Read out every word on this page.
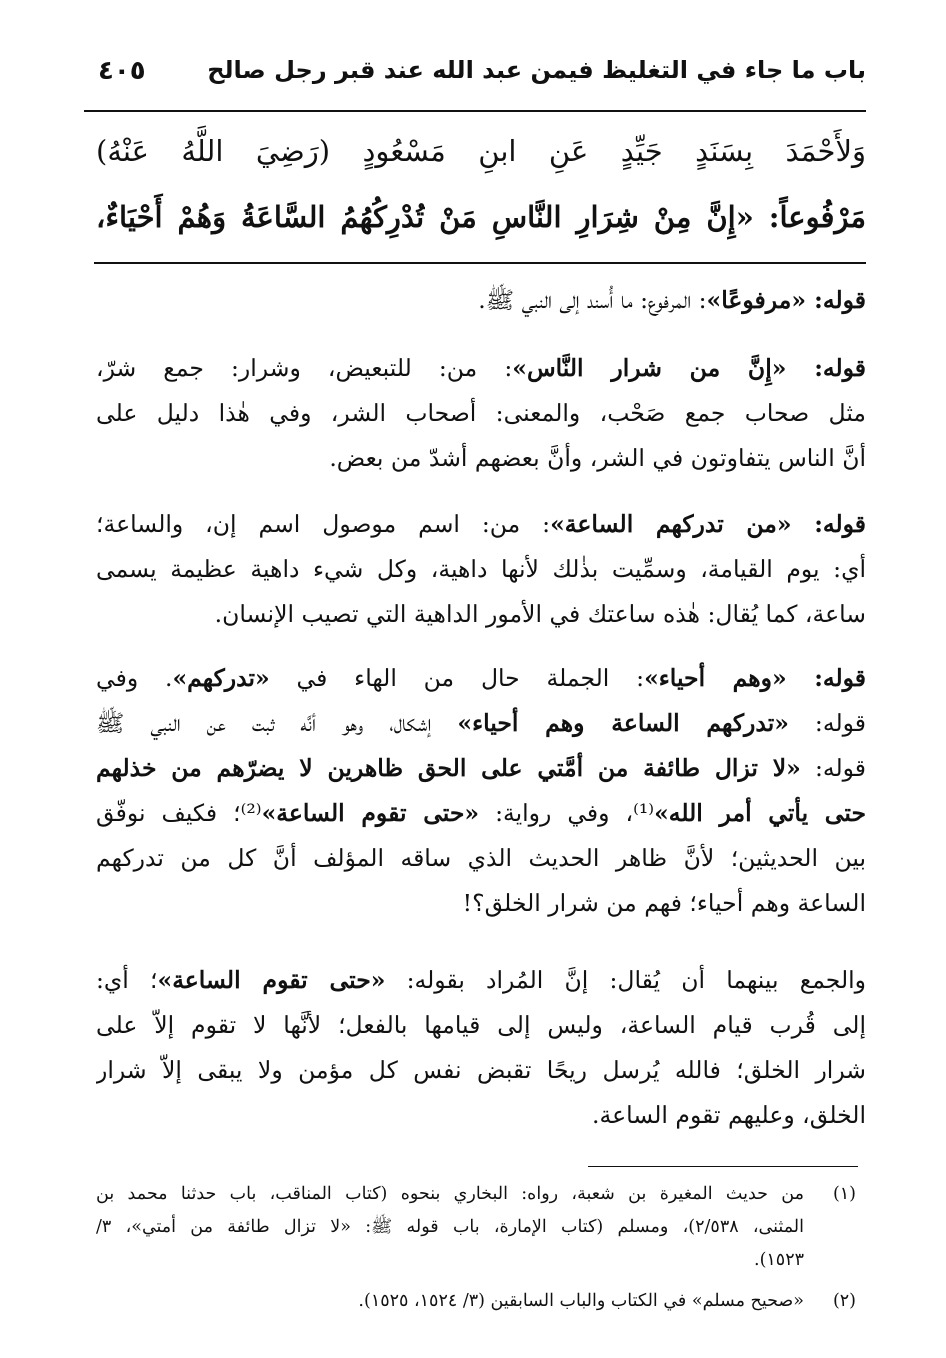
باب ما جاء في التغليظ فيمن عبد الله عند قبر رجل صالح
٤٠٥
وَلأَحْمَدَ بِسَنَدٍ جَيِّدٍ عَنِ ابنِ مَسْعُودٍ (رَضِيَ اللَّهُ عَنْهُ)
مَرْفُوعاً: «إِنَّ مِنْ شِرَارِ النَّاسِ مَنْ تُدْرِكُهُمُ السَّاعَةُ وَهُمْ أَحْيَاءٌ،
قوله: «مرفوعًا»: المرفوع: ما أُسند إلى النبي ﷺ.
قوله: «إِنَّ من شرار النَّاس»: من: للتبعيض، وشرار: جمع شرّ،
مثل صحاب جمع صَحْب، والمعنى: أصحاب الشر، وفي هٰذا دليل على
أنَّ الناس يتفاوتون في الشر، وأنَّ بعضهم أشدّ من بعض.
قوله: «من تدركهم الساعة»: من: اسم موصول اسم إن، والساعة؛
أي: يوم القيامة، وسمِّيت بذٰلك لأنها داهية، وكل شيء داهية عظيمة يسمى
ساعة، كما يُقال: هٰذه ساعتك في الأمور الداهية التي تصيب الإنسان.
قوله: «وهم أحياء»: الجملة حال من الهاء في «تدركهم». وفي
قوله: «تدركهم الساعة وهم أحياء» إشكال، وهو أنَّه ثبت عن النبي ﷺ
قوله: «لا تزال طائفة من أمَّتي على الحق ظاهرين لا يضرّهم من خذلهم
حتى يأتي أمر الله»⁽¹⁾، وفي رواية: «حتى تقوم الساعة»⁽²⁾؛ فكيف نوفّق
بين الحديثين؛ لأنَّ ظاهر الحديث الذي ساقه المؤلف أنَّ كل من تدركهم
الساعة وهم أحياء؛ فهم من شرار الخلق؟!
والجمع بينهما أن يُقال: إنَّ المُراد بقوله: «حتى تقوم الساعة»؛ أي:
إلى قُرب قيام الساعة، وليس إلى قيامها بالفعل؛ لأنَّها لا تقوم إلاّ على
شرار الخلق؛ فالله يُرسل ريحًا تقبض نفس كل مؤمن ولا يبقى إلاّ شرار
الخلق، وعليهم تقوم الساعة.
(١)
من حديث المغيرة بن شعبة، رواه: البخاري بنحوه (كتاب المناقب، باب حدثنا محمد بن
المثنى، ٢/٥٣٨)، ومسلم (كتاب الإمارة، باب قوله ﷺ: «لا تزال طائفة من أمتي»، ٣/
١٥٢٣).
(٢)
«صحيح مسلم» في الكتاب والباب السابقين (٣/ ١٥٢٤، ١٥٢٥).
